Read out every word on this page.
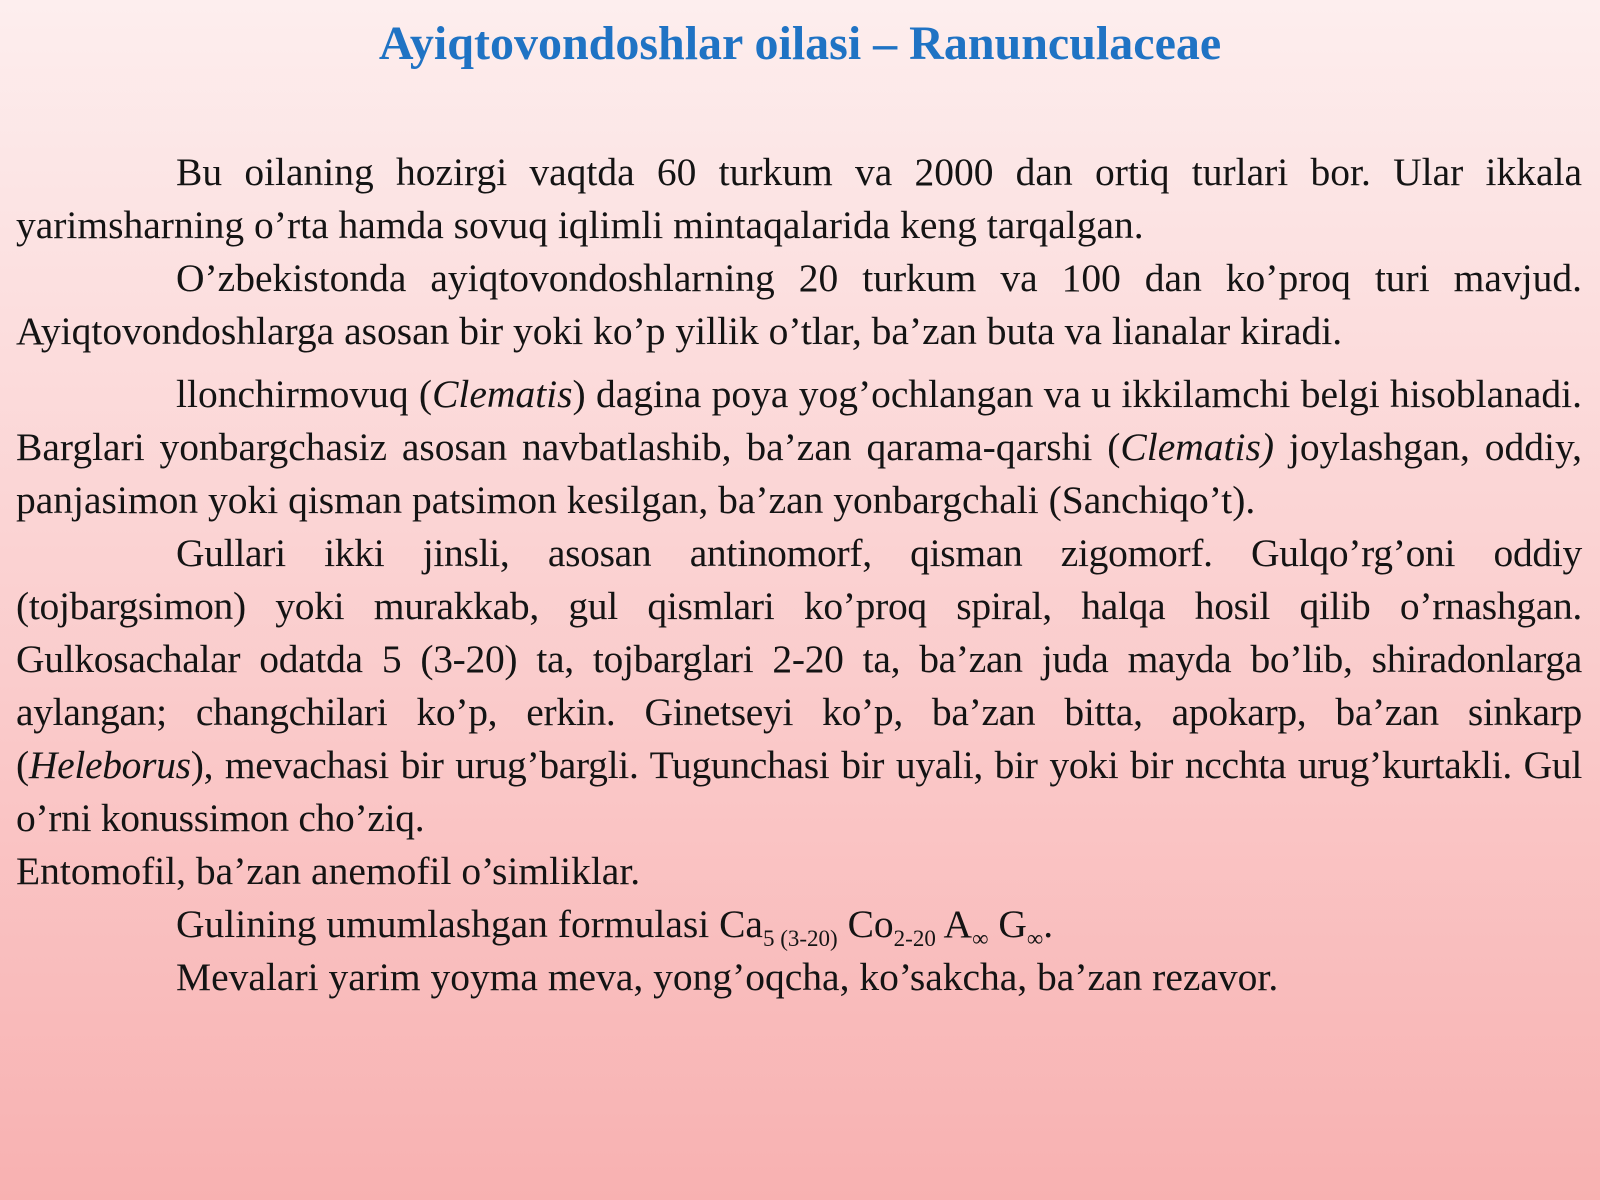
Ayiqtovondoshlar oilasi – Ranunculaceae

Bu oilaning hozirgi vaqtda 60 turkum va 2000 dan ortiq turlari bor. Ular ikkala yarimsharning o’rta hamda sovuq iqlimli mintaqalarida keng tarqalgan.

O’zbekistonda ayiqtovondoshlarning 20 turkum va 100 dan ko’proq turi mavjud. Ayiqtovondoshlarga asosan bir yoki ko’p yillik o’tlar, ba’zan buta va lianalar kiradi.

llonchirmovuq (Clematis) dagina poya yog’ochlangan va u ikkilamchi belgi hisoblanadi. Barglari yonbargchasiz asosan navbatlashib, ba’zan qarama-qarshi (Clematis) joylashgan, oddiy, panjasimon yoki qisman patsimon kesilgan, ba’zan yonbargchali (Sanchiqo’t).

Gullari ikki jinsli, asosan antinomorf, qisman zigomorf. Gulqo’rg’oni oddiy (tojbargsimon) yoki murakkab, gul qismlari ko’proq spiral, halqa hosil qilib o’rnashgan. Gulkosachalar odatda 5 (3-20) ta, tojbarglari 2-20 ta, ba’zan juda mayda bo’lib, shiradonlarga aylangan; changchilari ko’p, erkin. Ginetseyi ko’p, ba’zan bitta, apokarp, ba’zan sinkarp (Heleborus), mevachasi bir urug’bargli. Tugunchasi bir uyali, bir yoki bir ncchta urug’kurtakli. Gul o’rni konussimon cho’ziq.

Entomofil, ba’zan anemofil o’simliklar.

Gulining umumlashgan formulasi $Ca_{5 (3-20)}$ $Co_{2-20}$ $A_\infty$ $G_\infty$.

Mevalari yarim yoyma meva, yong’oqcha, ko’sakcha, ba’zan rezavor.
